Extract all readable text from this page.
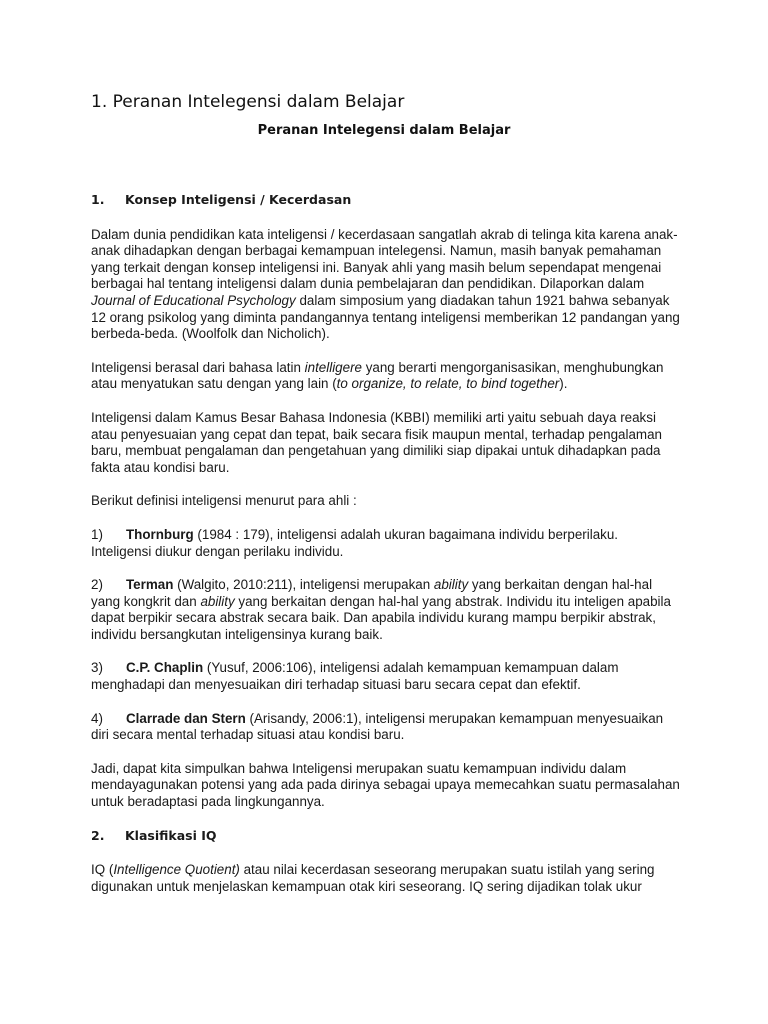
1. Peranan Intelegensi dalam Belajar
Peranan Intelegensi dalam Belajar
1.	Konsep Inteligensi / Kecerdasan

Dalam dunia pendidikan kata inteligensi / kecerdasaan sangatlah akrab di telinga kita karena anak-anak dihadapkan dengan berbagai kemampuan intelegensi. Namun, masih banyak pemahaman yang terkait dengan konsep inteligensi ini. Banyak ahli yang masih belum sependapat mengenai berbagai hal tentang inteligensi dalam dunia pembelajaran dan pendidikan. Dilaporkan dalam Journal of Educational Psychology dalam simposium yang diadakan tahun 1921 bahwa sebanyak 12 orang psikolog yang diminta pandangannya tentang inteligensi memberikan 12 pandangan yang berbeda-beda. (Woolfolk dan Nicholich).

Inteligensi berasal dari bahasa latin intelligere yang berarti mengorganisasikan, menghubungkan atau menyatukan satu dengan yang lain (to organize, to relate, to bind together).

Inteligensi dalam Kamus Besar Bahasa Indonesia (KBBI) memiliki arti yaitu sebuah daya reaksi atau penyesuaian yang cepat dan tepat, baik secara fisik maupun mental, terhadap pengalaman baru, membuat pengalaman dan pengetahuan yang dimiliki siap dipakai untuk dihadapkan pada fakta atau kondisi baru.

Berikut definisi inteligensi menurut para ahli :

1) Thornburg (1984 : 179), inteligensi adalah ukuran bagaimana individu berperilaku. Inteligensi diukur dengan perilaku individu.

2) Terman (Walgito, 2010:211), inteligensi merupakan ability yang berkaitan dengan hal-hal yang kongkrit dan ability yang berkaitan dengan hal-hal yang abstrak. Individu itu inteligen apabila dapat berpikir secara abstrak secara baik. Dan apabila individu kurang mampu berpikir abstrak, individu bersangkutan inteligensinya kurang baik.

3) C.P. Chaplin (Yusuf, 2006:106), inteligensi adalah kemampuan kemampuan dalam menghadapi dan menyesuaikan diri terhadap situasi baru secara cepat dan efektif.

4) Clarrade dan Stern (Arisandy, 2006:1), inteligensi merupakan kemampuan menyesuaikan diri secara mental terhadap situasi atau kondisi baru.

Jadi, dapat kita simpulkan bahwa Inteligensi merupakan suatu kemampuan individu dalam mendayagunakan potensi yang ada pada dirinya sebagai upaya memecahkan suatu permasalahan untuk beradaptasi pada lingkungannya.

2.	Klasifikasi IQ

IQ (Intelligence Quotient) atau nilai kecerdasan seseorang merupakan suatu istilah yang sering digunakan untuk menjelaskan kemampuan otak kiri seseorang. IQ sering dijadikan tolak ukur
